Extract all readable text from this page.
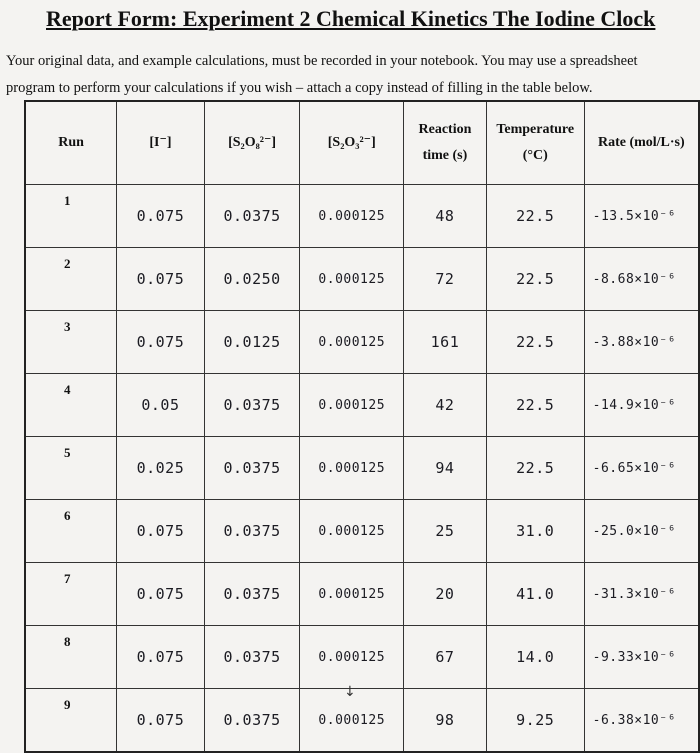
Report Form: Experiment 2 Chemical Kinetics The Iodine Clock
Your original data, and example calculations, must be recorded in your notebook. You may use a spreadsheet
program to perform your calculations if you wish – attach a copy instead of filling in the table below.
Run	[I⁻]	[S₂O₈²⁻]	[S₂O₃²⁻]	Reaction time (s)	Temperature (°C)	Rate (mol/L·s)
1	0.075	0.0375	0.000125	48	22.5	-13.5×10⁻⁶
2	0.075	0.0250	0.000125	72	22.5	-8.68×10⁻⁶
3	0.075	0.0125	0.000125	161	22.5	-3.88×10⁻⁶
4	0.05	0.0375	0.000125	42	22.5	-14.9×10⁻⁶
5	0.025	0.0375	0.000125	94	22.5	-6.65×10⁻⁶
6	0.075	0.0375	0.000125	25	31.0	-25.0×10⁻⁶
7	0.075	0.0375	0.000125	20	41.0	-31.3×10⁻⁶
8	0.075	0.0375	0.000125	67	14.0	-9.33×10⁻⁶
9	0.075	0.0375	0.000125	98	9.25	-6.38×10⁻⁶
↓
